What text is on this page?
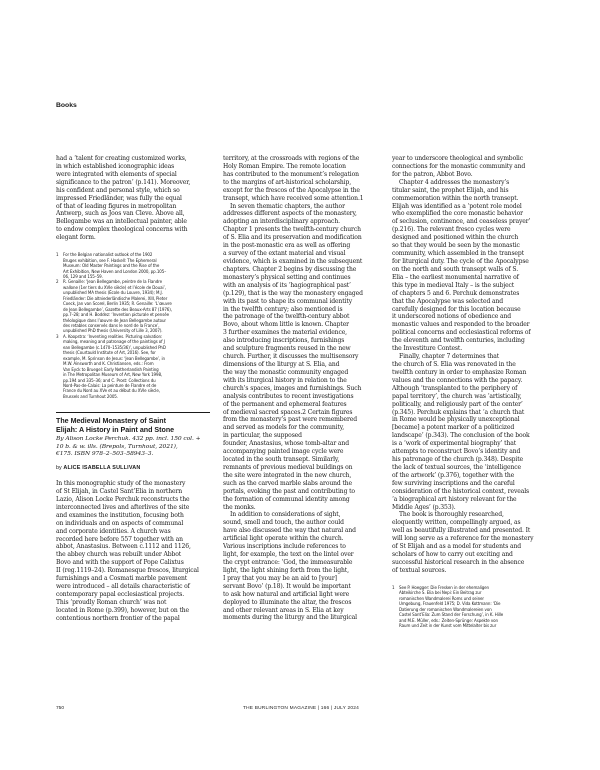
Books

had a ‘talent for creating customized works,

in which established iconographic ideas

were integrated with elements of special

significance to the patron’ (p.141). Moreover,

his confident and personal style, which so

impressed Friedländer, was fully the equal

of that of leading figures in metropolitan

Antwerp, such as Joos van Cleve. Above all,

Bellegambe was an intellectual painter, able

to endow complex theological concerns with

elegant form.

1 For the Belgian nationalist outlook of the 1902

Bruges exhibition, see F. Haskell: The Ephemeral

Museum: Old Master Paintings and the Rise of the

Art Exhibition, New Haven and London 2000, pp.105–

06, 129 and 155–59.

2 R. Genaille: ‘Jean Bellegambe, peintre de la Flandre

wallone (1er tiers du XVIe siècle) et l’école de Douai’,

unpublished MA thesis (École du Louvre, 1934); M.J.

Friedländer: Die altniederländische Malerei, XIII, Pieter

Coeck, Jan van Scorel, Berlin 1935; R. Genaille: ‘L’œuvre

de Jean Bellegambe’, Gazette des Beaux-Arts 87 (1976),

pp.7–28; and H. Boddez: ‘Invention picturale et pensée

théologique dans l’œuvre de Jean Bellegambe autour

des retables conservés dans le nord de la France’,

unpublished PhD thesis (University of Lille 3, 2007).

3 A. Koopstra: ‘Inventing realities. Picturing salvation:

making, meaning and patronage of the paintings of J

ean Bellegambe (c.1470–1535/36)’, unpublished PhD

thesis (Courtauld Institute of Art, 2016). See, for

example, M. Sprinson de Jesus: ‘Jean Bellegambe’, in

M.W. Ainsworth and K. Christiansen, eds.: From

Van Eyck to Bruegel: Early Netherlandish Painting

in The Metropolitan Museum of Art, New York 1998,

pp.194 and 335–36; and C. Prost: Collections du

Nord-Pas-de-Calais: La peinture de Flandre et de

France du Nord au XVe et au début du XVIe siècle,

Brussels and Turnhout 2005.

The Medieval Monastery of Saint

Elijah: A History in Paint and Stone

By Alison Locke Perchuk. 432 pp. incl. 150 col. +

10 b. & w. ills. (Brepols, Turnhout, 2021),

€175. ISBN 978–2–503–58943–3.

by ALICE ISABELLA SULLIVAN

In this monographic study of the monastery

of St Elijah, in Castel Sant’Elia in northern

Lazio, Alison Locke Perchuk reconstructs the

interconnected lives and afterlives of the site

and examines the institution, focusing both

on individuals and on aspects of communal

and corporate identities. A church was

recorded here before 557 together with an

abbot, Anastasius. Between c.1112 and 1126,

the abbey church was rebuilt under Abbot

Bovo and with the support of Pope Calixtus

II (reg.1119–24). Romanesque frescos, liturgical

furnishings and a Cosmati marble pavement

were introduced – all details characteristic of

contemporary papal ecclesiastical projects.

This ‘proudly Roman church’ was not

located in Rome (p.399), however, but on the

contentious northern frontier of the papal

territory, at the crossroads with regions of the

Holy Roman Empire. The remote location

has contributed to the monument’s relegation

to the margins of art-historical scholarship,

except for the frescos of the Apocalypse in the

transept, which have received some attention.1

In seven thematic chapters, the author

addresses different aspects of the monastery,

adopting an interdisciplinary approach.

Chapter 1 presents the twelfth-century church

of S. Elia and its preservation and modification

in the post-monastic era as well as offering

a survey of the extant material and visual

evidence, which is examined in the subsequent

chapters. Chapter 2 begins by discussing the

monastery’s physical setting and continues

with an analysis of its ‘hagiographical past’

(p.129), that is the way the monastery engaged

with its past to shape its communal identity

in the twelfth century; also mentioned is

the patronage of the twelfth-century abbot

Bovo, about whom little is known. Chapter

3 further examines the material evidence,

also introducing inscriptions, furnishings

and sculpture fragments reused in the new

church. Further, it discusses the multisensory

dimensions of the liturgy at S. Elia, and

the way the monastic community engaged

with its liturgical history in relation to the

church’s spaces, images and furnishings. Such

analysis contributes to recent investigations

of the permanent and ephemeral features

of medieval sacred spaces.2 Certain figures

from the monastery’s past were remembered

and served as models for the community,

in particular, the supposed

founder, Anastasius, whose tomb-altar and

accompanying painted image cycle were

located in the south transept. Similarly,

remnants of previous medieval buildings on

the site were integrated in the new church,

such as the carved marble slabs around the

portals, evoking the past and contributing to

the formation of communal identity among

the monks.

In addition to considerations of sight,

sound, smell and touch, the author could

have also discussed the way that natural and

artificial light operate within the church.

Various inscriptions include references to

light, for example, the text on the lintel over

the crypt entrance: ‘God, the immeasurable

light, the light shining forth from the light,

I pray that you may be an aid to [your]

servant Bovo’ (p.18). It would be important

to ask how natural and artificial light were

deployed to illuminate the altar, the frescos

and other relevant areas in S. Elia at key

moments during the liturgy and the liturgical

year to underscore theological and symbolic

connections for the monastic community and

for the patron, Abbot Bovo.

Chapter 4 addresses the monastery’s

titular saint, the prophet Elijah, and his

commemoration within the north transept.

Elijah was identified as a ‘potent role model

who exemplified the core monastic behavior

of seclusion, continence, and ceaseless prayer’

(p.216). The relevant fresco cycles were

designed and positioned within the church

so that they would be seen by the monastic

community, which assembled in the transept

for liturgical duty. The cycle of the Apocalypse

on the north and south transept walls of S.

Elia – the earliest monumental narrative of

this type in medieval Italy – is the subject

of chapters 5 and 6. Perchuk demonstrates

that the Apocalypse was selected and

carefully designed for this location because

it underscored notions of obedience and

monastic values and responded to the broader

political concerns and ecclesiastical reforms of

the eleventh and twelfth centuries, including

the Investiture Contest.

Finally, chapter 7 determines that

the church of S. Elia was renovated in the

twelfth century in order to emphasize Roman

values and the connections with the papacy.

Although ‘transplanted to the periphery of

papal territory’, the church was ‘artistically,

politically, and religiously part of the center’

(p.345). Perchuk explains that ‘a church that

in Rome would be physically unexceptional

[became] a potent marker of a politicized

landscape’ (p.343). The conclusion of the book

is a ‘work of experimental biography’ that

attempts to reconstruct Bovo’s identity and

his patronage of the church (p.348). Despite

the lack of textual sources, the ‘intelligence

of the artwork’ (p.376), together with the

few surviving inscriptions and the careful

consideration of the historical context, reveals

‘a biographical art history relevant for the

Middle Ages’ (p.353).

The book is thoroughly researched,

eloquently written, compellingly argued, as

well as beautifully illustrated and presented. It

will long serve as a reference for the monastery

of St Elijah and as a model for students and

scholars of how to carry out exciting and

successful historical research in the absence

of textual sources.

1 See P. Hoegger: Die Fresken in der ehemaligen

Abteikirche S. Elia bei Nepi: Ein Beitrag zur

romanischen Wandmalerei Roms und seiner

Umgebung, Frauenfeld 1975; D. Vida Kottmann: ‘Die

Datierung der romanischen Wandmalereien von

Castel Sant’Elia: Zum Stand der Forschung’, in K. Hille

and M.E. Müller, eds.: Zeiten-Sprünge: Aspekte von

Raum und Zeit in der Kunst vom Mittelalter bis zur

750	THE BURLINGTON MAGAZINE | 166 | JULY 2024
